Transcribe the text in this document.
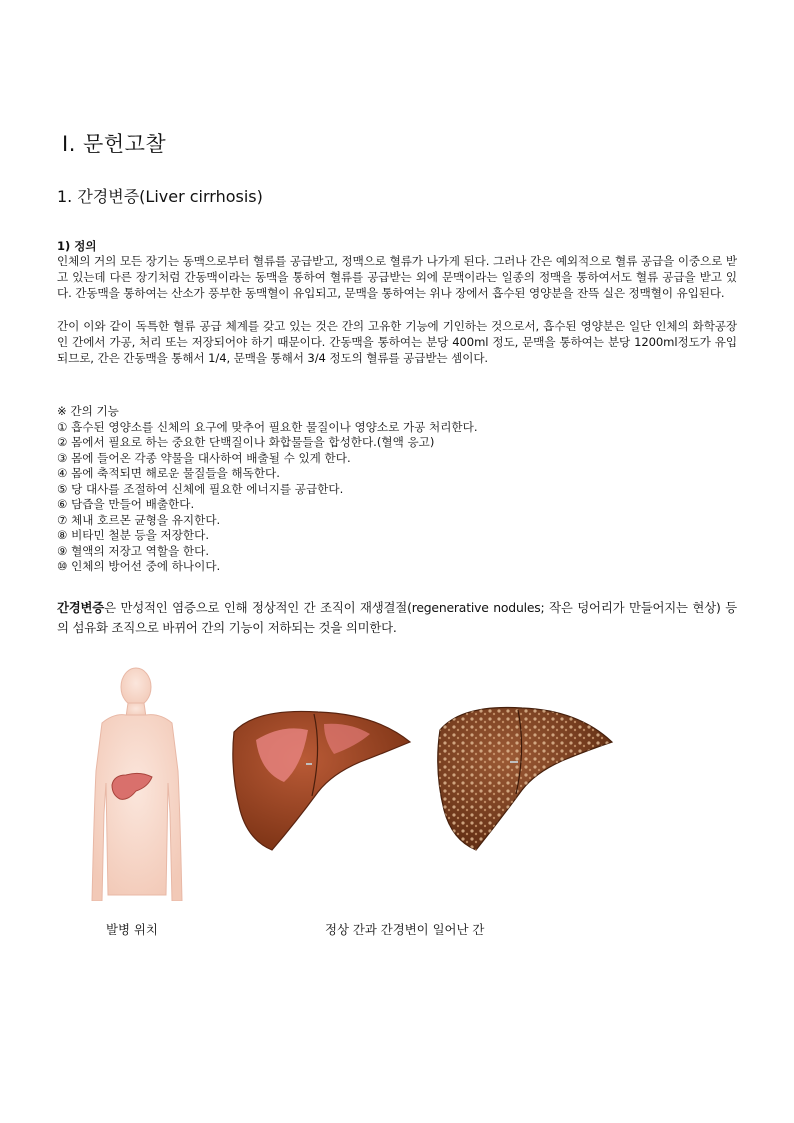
Ⅰ. 문헌고찰
1. 간경변증(Liver cirrhosis)
1) 정의
인체의 거의 모든 장기는 동맥으로부터 혈류를 공급받고, 정맥으로 혈류가 나가게 된다. 그러나 간은 예외적으로 혈류 공급을 이중으로 받고 있는데 다른 장기처럼 간동맥이라는 동맥을 통하여 혈류를 공급받는 외에 문맥이라는 일종의 정맥을 통하여서도 혈류 공급을 받고 있다. 간동맥을 통하여는 산소가 풍부한 동맥혈이 유입되고, 문맥을 통하여는 위나 장에서 흡수된 영양분을 잔뜩 실은 정맥혈이 유입된다.
간이 이와 같이 독특한 혈류 공급 체계를 갖고 있는 것은 간의 고유한 기능에 기인하는 것으로서, 흡수된 영양분은 일단 인체의 화학공장인 간에서 가공, 처리 또는 저장되어야 하기 때문이다. 간동맥을 통하여는 분당 400ml 정도, 문맥을 통하여는 분당 1200ml정도가 유입되므로, 간은 간동맥을 통해서 1/4, 문맥을 통해서 3/4 정도의 혈류를 공급받는 셈이다.
※ 간의 기능
① 흡수된 영양소를 신체의 요구에 맞추어 필요한 물질이나 영양소로 가공 처리한다.
② 몸에서 필요로 하는 중요한 단백질이나 화합물들을 합성한다.(혈액 응고)
③ 몸에 들어온 각종 약물을 대사하여 배출될 수 있게 한다.
④ 몸에 축적되면 해로운 물질들을 해독한다.
⑤ 당 대사를 조절하여 신체에 필요한 에너지를 공급한다.
⑥ 담즙을 만들어 배출한다.
⑦ 체내 호르몬 균형을 유지한다.
⑧ 비타민 철분 등을 저장한다.
⑨ 혈액의 저장고 역할을 한다.
⑩ 인체의 방어선 중에 하나이다.
간경변증은 만성적인 염증으로 인해 정상적인 간 조직이 재생결절(regenerative nodules; 작은 덩어리가 만들어지는 현상) 등의 섬유화 조직으로 바뀌어 간의 기능이 저하되는 것을 의미한다.
발병 위치	정상 간과 간경변이 일어난 간
